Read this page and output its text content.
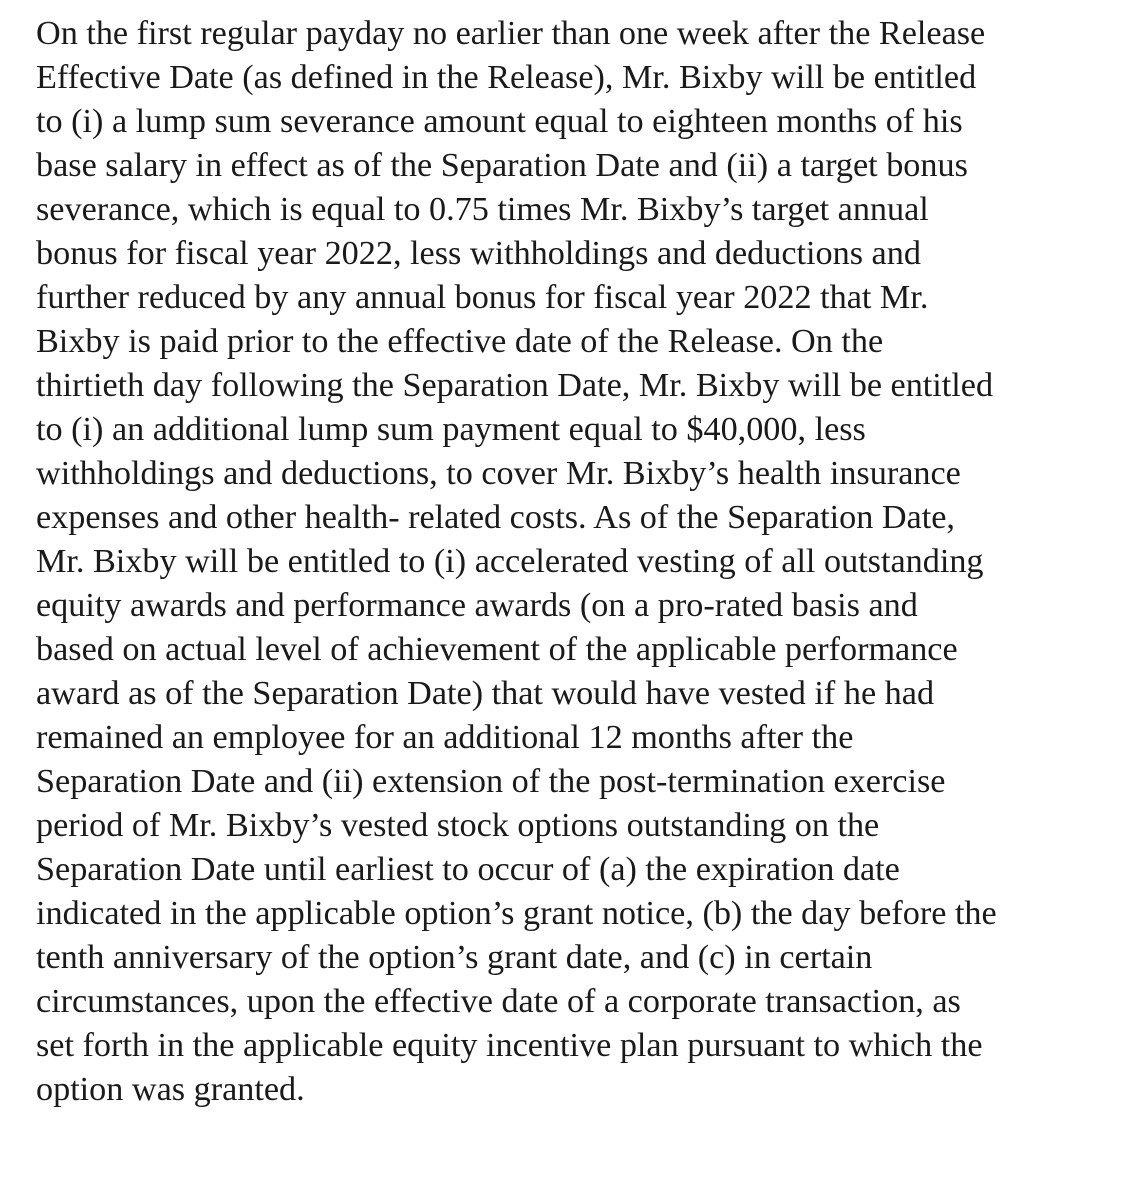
On the first regular payday no earlier than one week after the Release
Effective Date (as defined in the Release), Mr. Bixby will be entitled
to (i) a lump sum severance amount equal to eighteen months of his
base salary in effect as of the Separation Date and (ii) a target bonus
severance, which is equal to 0.75 times Mr. Bixby’s target annual
bonus for fiscal year 2022, less withholdings and deductions and
further reduced by any annual bonus for fiscal year 2022 that Mr.
Bixby is paid prior to the effective date of the Release. On the
thirtieth day following the Separation Date, Mr. Bixby will be entitled
to (i) an additional lump sum payment equal to $40,000, less
withholdings and deductions, to cover Mr. Bixby’s health insurance
expenses and other health- related costs. As of the Separation Date,
Mr. Bixby will be entitled to (i) accelerated vesting of all outstanding
equity awards and performance awards (on a pro-rated basis and
based on actual level of achievement of the applicable performance
award as of the Separation Date) that would have vested if he had
remained an employee for an additional 12 months after the
Separation Date and (ii) extension of the post-termination exercise
period of Mr. Bixby’s vested stock options outstanding on the
Separation Date until earliest to occur of (a) the expiration date
indicated in the applicable option’s grant notice, (b) the day before the
tenth anniversary of the option’s grant date, and (c) in certain
circumstances, upon the effective date of a corporate transaction, as
set forth in the applicable equity incentive plan pursuant to which the
option was granted.
